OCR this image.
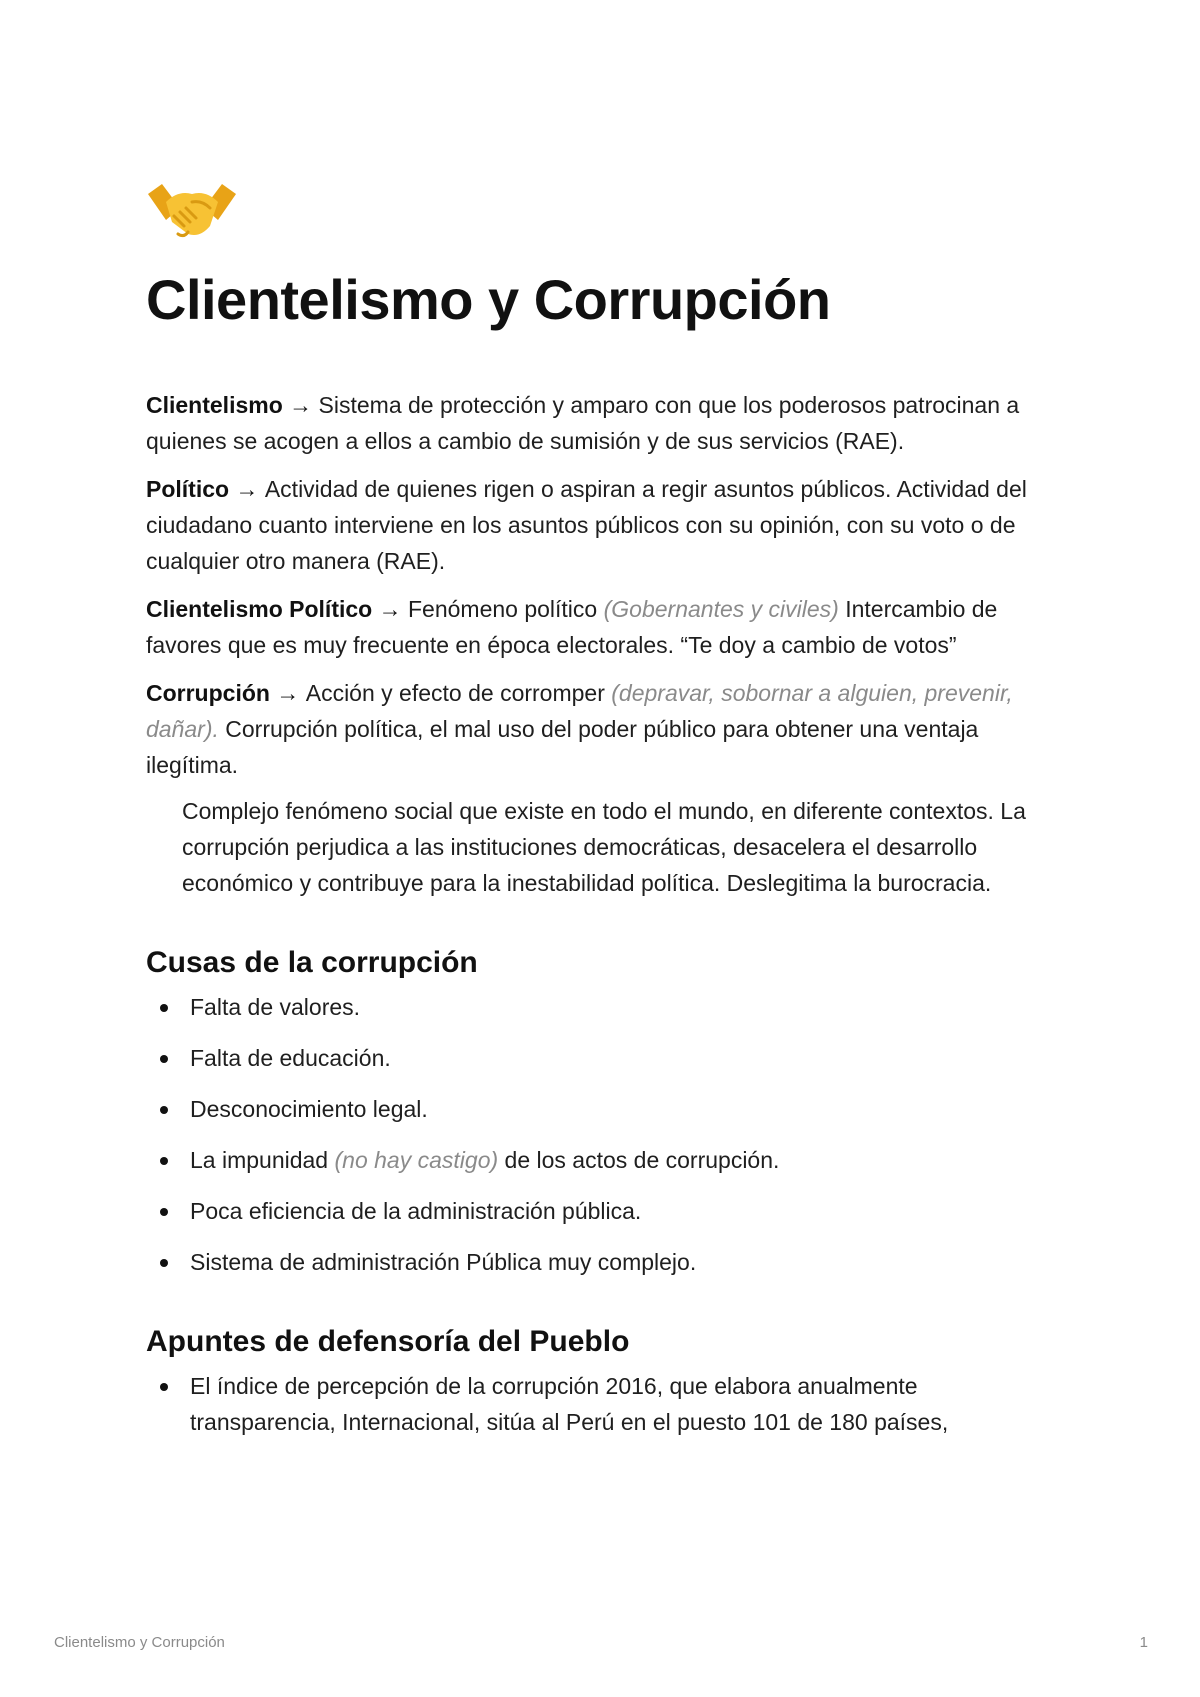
Clientelismo y Corrupción

Clientelismo → Sistema de protección y amparo con que los poderosos patrocinan a quienes se acogen a ellos a cambio de sumisión y de sus servicios (RAE).

Político → Actividad de quienes rigen o aspiran a regir asuntos públicos. Actividad del ciudadano cuanto interviene en los asuntos públicos con su opinión, con su voto o de cualquier otro manera (RAE).

Clientelismo Político → Fenómeno político (Gobernantes y civiles) Intercambio de favores que es muy frecuente en época electorales. “Te doy a cambio de votos”

Corrupción → Acción y efecto de corromper (depravar, sobornar a alguien, prevenir, dañar). Corrupción política, el mal uso del poder público para obtener una ventaja ilegítima.

Complejo fenómeno social que existe en todo el mundo, en diferente contextos. La corrupción perjudica a las instituciones democráticas, desacelera el desarrollo económico y contribuye para la inestabilidad política. Deslegitima la burocracia.

Cusas de la corrupción
Falta de valores.
Falta de educación.
Desconocimiento legal.
La impunidad (no hay castigo) de los actos de corrupción.
Poca eficiencia de la administración pública.
Sistema de administración Pública muy complejo.
Apuntes de defensoría del Pueblo
El índice de percepción de la corrupción 2016, que elabora anualmente transparencia, Internacional, sitúa al Perú en el puesto 101 de 180 países,
Clientelismo y Corrupción	1
